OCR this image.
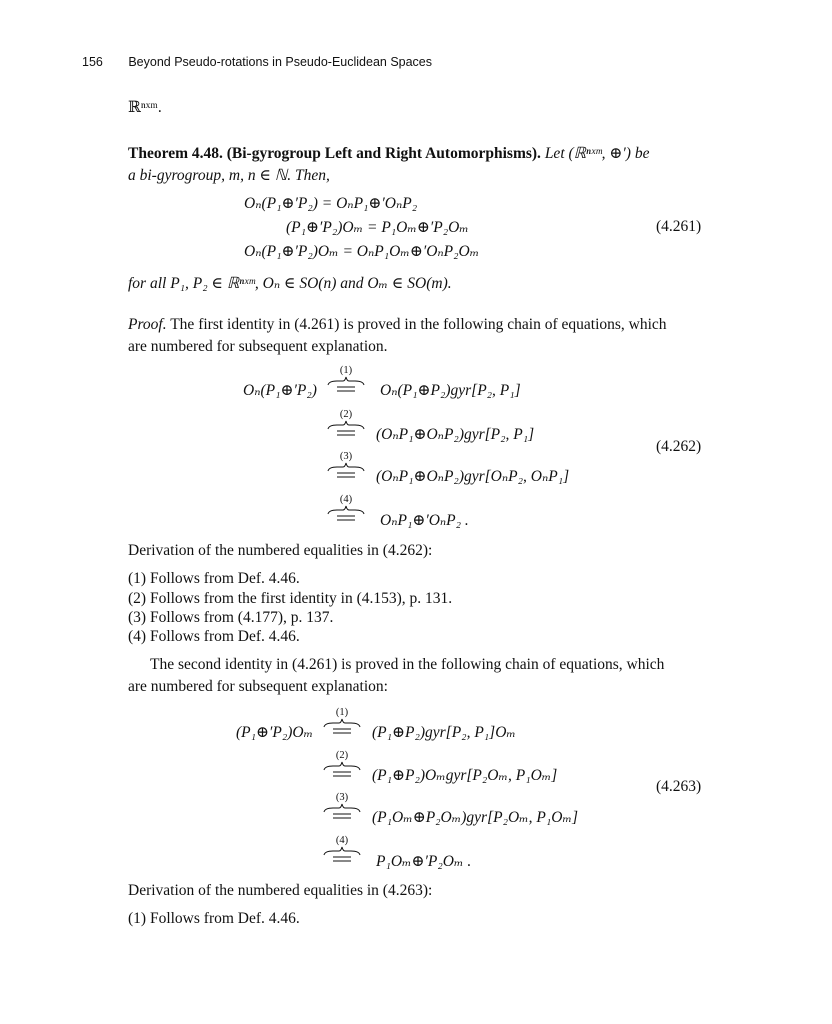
156 Beyond Pseudo-rotations in Pseudo-Euclidean Spaces
ℝⁿˣᵐ.
Theorem 4.48. (Bi-gyrogroup Left and Right Automorphisms). Let (ℝⁿˣᵐ, ⊕′) be
a bi-gyrogroup, m, n ∈ ℕ. Then,
Oₙ(P₁⊕′P₂) = OₙP₁⊕′OₙP₂
(P₁⊕′P₂)Oₘ = P₁Oₘ⊕′P₂Oₘ
Oₙ(P₁⊕′P₂)Oₘ = OₙP₁Oₘ⊕′OₙP₂Oₘ
(4.261)
for all P₁, P₂ ∈ ℝⁿˣᵐ, Oₙ ∈ SO(n) and Oₘ ∈ SO(m).
Proof. The first identity in (4.261) is proved in the following chain of equations, which
are numbered for subsequent explanation.
Oₙ(P₁⊕′P₂)
(1)
Oₙ(P₁⊕P₂)gyr[P₂, P₁]
(2)
(OₙP₁⊕OₙP₂)gyr[P₂, P₁]
(4.262)
(3)
(OₙP₁⊕OₙP₂)gyr[OₙP₂, OₙP₁]
(4)
OₙP₁⊕′OₙP₂ .
Derivation of the numbered equalities in (4.262):
(1) Follows from Def. 4.46.
(2) Follows from the first identity in (4.153), p. 131.
(3) Follows from (4.177), p. 137.
(4) Follows from Def. 4.46.
The second identity in (4.261) is proved in the following chain of equations, which
are numbered for subsequent explanation:
(P₁⊕′P₂)Oₘ
(1)
(P₁⊕P₂)gyr[P₂, P₁]Oₘ
(2)
(P₁⊕P₂)Oₘgyr[P₂Oₘ, P₁Oₘ]
(4.263)
(3)
(P₁Oₘ⊕P₂Oₘ)gyr[P₂Oₘ, P₁Oₘ]
(4)
P₁Oₘ⊕′P₂Oₘ .
Derivation of the numbered equalities in (4.263):
(1) Follows from Def. 4.46.
